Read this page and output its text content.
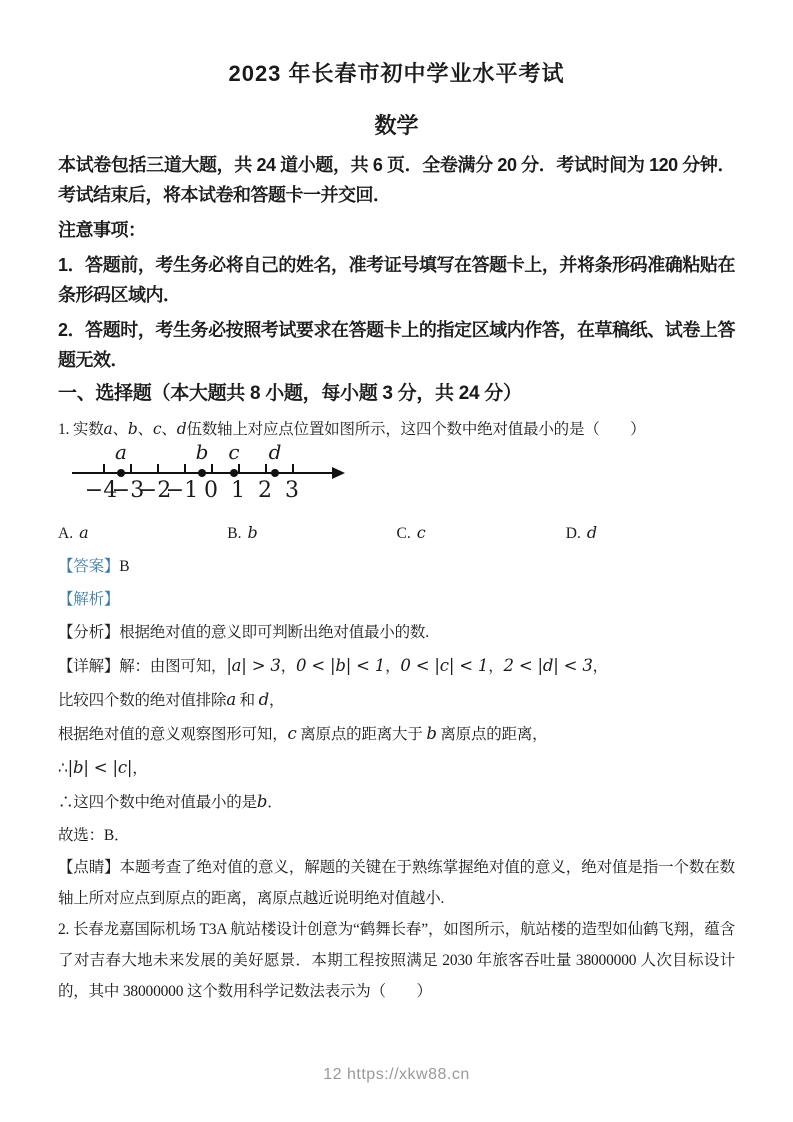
2023 年长春市初中学业水平考试
数学

本试卷包括三道大题，共 24 道小题，共 6 页．全卷满分 20 分．考试时间为 120 分钟．考试结束后，将本试卷和答题卡一并交回．

注意事项：

1．答题前，考生务必将自己的姓名，准考证号填写在答题卡上，并将条形码准确粘贴在条形码区域内．

2．答题时，考生务必按照考试要求在答题卡上的指定区域内作答，在草稿纸、试卷上答题无效．

一、选择题（本大题共 8 小题，每小题 3 分，共 24 分）

1. 实数a、b、c、d伍数轴上对应点位置如图所示，这四个数中绝对值最小的是（　　）

a	b c d
−4
−3
−2
−1 0 1 2 3
A. a	B. b	C. c	D. d

【答案】B

【解析】

【分析】根据绝对值的意义即可判断出绝对值最小的数.

【详解】解：由图可知，|a| > 3，0 < |b| < 1，0 < |c| < 1，2 < |d| < 3，

比较四个数的绝对值排除a 和 d，

根据绝对值的意义观察图形可知，c 离原点的距离大于 b 离原点的距离，

∴|b| < |c|，

∴这四个数中绝对值最小的是b．

故选：B．

【点睛】本题考查了绝对值的意义，解题的关键在于熟练掌握绝对值的意义，绝对值是指一个数在数轴上所对应点到原点的距离，离原点越近说明绝对值越小.

2. 长春龙嘉国际机场 T3A 航站楼设计创意为“鹤舞长春”，如图所示，航站楼的造型如仙鹤飞翔，蕴含了对吉春大地未来发展的美好愿景．本期工程按照满足 2030 年旅客吞吐量 38000000 人次目标设计的，其中 38000000 这个数用科学记数法表示为（　　）

12 https://xkw88.cn
